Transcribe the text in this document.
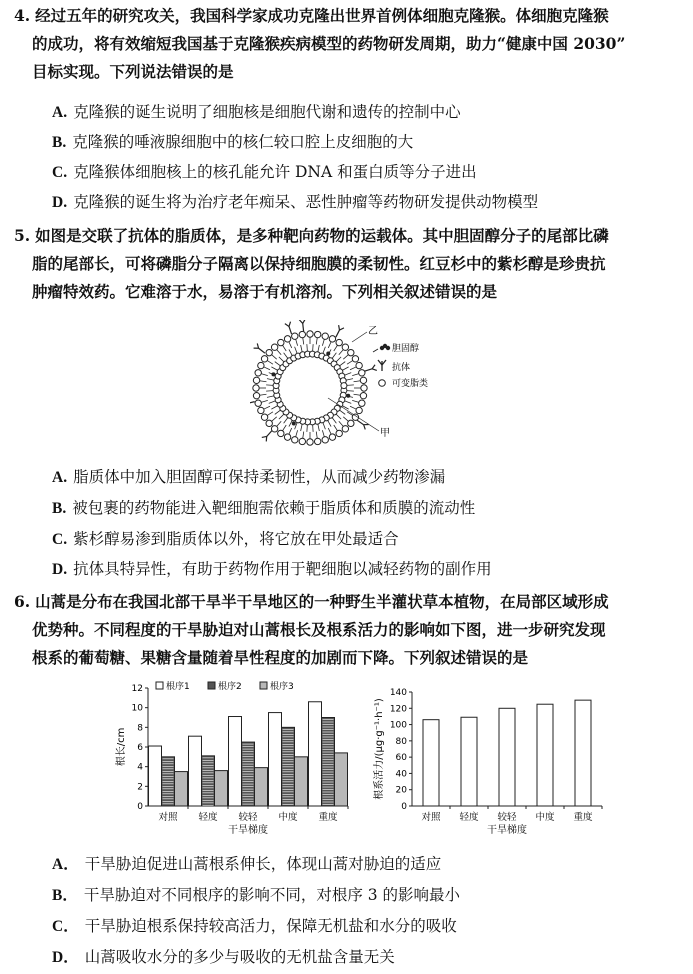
4. 经过五年的研究攻关，我国科学家成功克隆出世界首例体细胞克隆猴。体细胞克隆猴
的成功，将有效缩短我国基于克隆猴疾病模型的药物研发周期，助力“健康中国 2030”
目标实现。下列说法错误的是
A. 克隆猴的诞生说明了细胞核是细胞代谢和遗传的控制中心
B. 克隆猴的唾液腺细胞中的核仁较口腔上皮细胞的大
C. 克隆猴体细胞核上的核孔能允许 DNA 和蛋白质等分子进出
D. 克隆猴的诞生将为治疗老年痴呆、恶性肿瘤等药物研发提供动物模型
5. 如图是交联了抗体的脂质体，是多种靶向药物的运载体。其中胆固醇分子的尾部比磷
脂的尾部长，可将磷脂分子隔离以保持细胞膜的柔韧性。红豆杉中的紫杉醇是珍贵抗
肿瘤特效药。它难溶于水，易溶于有机溶剂。下列相关叙述错误的是
胆固醇
抗体
可变脂类
乙
甲
A. 脂质体中加入胆固醇可保持柔韧性，从而减少药物渗漏
B. 被包裹的药物能进入靶细胞需依赖于脂质体和质膜的流动性
C. 紫杉醇易渗到脂质体以外，将它放在甲处最适合
D. 抗体具特异性，有助于药物作用于靶细胞以减轻药物的副作用
6. 山蒿是分布在我国北部干旱半干旱地区的一种野生半灌状草本植物，在局部区域形成
优势种。不同程度的干旱胁迫对山蒿根长及根系活力的影响如下图，进一步研究发现
根系的葡萄糖、果糖含量随着旱性程度的加剧而下降。下列叙述错误的是
0
2
4
6
8
10
12
对照 轻度 较轻 中度 重度
干旱梯度
根长/cm
根序1	根序2	根序3
0
20
40
60
80
100
120
140
对照 轻度 较轻 中度 重度
干旱梯度
根系活力/(μg·g⁻¹·h⁻¹)
A． 干旱胁迫促进山蒿根系伸长，体现山蒿对胁迫的适应
B． 干旱胁迫对不同根序的影响不同，对根序 3 的影响最小
C． 干旱胁迫根系保持较高活力，保障无机盐和水分的吸收
D． 山蒿吸收水分的多少与吸收的无机盐含量无关
